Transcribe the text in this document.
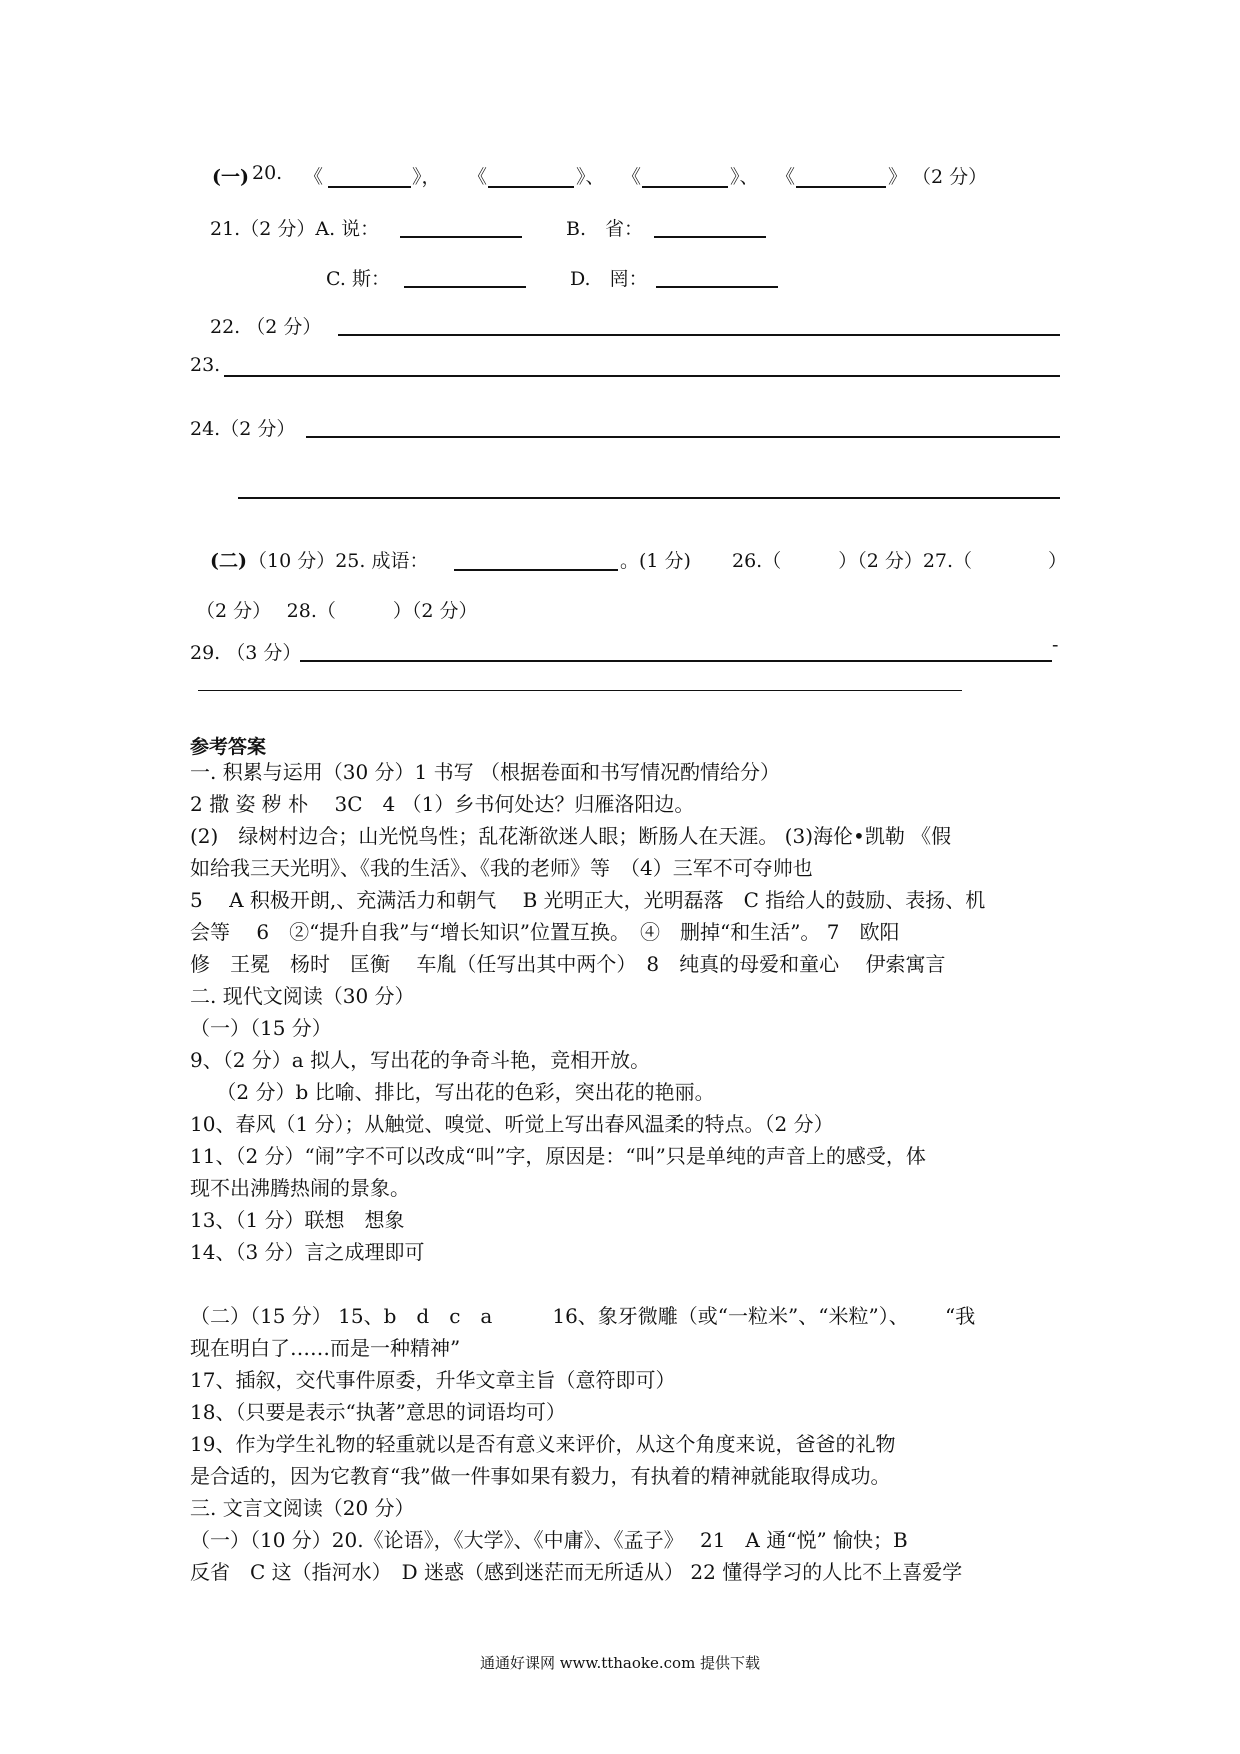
(一) 20. 《	》， 《	》、 《	》、 《	》 （2 分）
21.（2 分）A. 说：	B.　省：
C. 斯：	D.　罔：
22. （2 分）
23.
24.（2 分）
(二) （10 分）25. 成语：	。(1 分) 26.（　　　）（2 分）27.（　　　　）
（2 分）　 28.（　　　）（2 分）
29. （3 分）	-
参考答案
一. 积累与运用（30 分）1 书写 （根据卷面和书写情况酌情给分）
2 撒 姿 秽 朴　 3C　4 （1）乡书何处达？归雁洛阳边。
(2)　绿树村边合；山光悦鸟性；乱花渐欲迷人眼；断肠人在天涯。 (3)海伦•凯勒 《假
如给我三天光明》、《我的生活》、《我的老师》等　（4）三军不可夺帅也
5　 A 积极开朗,、充满活力和朝气　 B 光明正大，光明磊落　C 指给人的鼓励、表扬、机
会等　 6　②“提升自我”与“增长知识”位置互换。　④　删掉“和生活”。 7　欧阳
修　王冕　杨时　匡衡　 车胤（任写出其中两个）　8　纯真的母爱和童心　 伊索寓言
二. 现代文阅读（30 分）
（一）（15 分）
9、（2 分）a 拟人，写出花的争奇斗艳，竞相开放。
　 （2 分）b 比喻、排比，写出花的色彩，突出花的艳丽。
10、春风（1 分）；从触觉、嗅觉、听觉上写出春风温柔的特点。（2 分）
11、（2 分）“闹”字不可以改成“叫”字，原因是：“叫”只是单纯的声音上的感受，体
现不出沸腾热闹的景象。
13、（1 分）联想　想象
14、（3 分）言之成理即可
（二）（15 分） 15、b　d　c　a　　　16、象牙微雕（或“一粒米”、“米粒”）、　　 “我
现在明白了……而是一种精神”
17、插叙，交代事件原委，升华文章主旨（意符即可）
18、（只要是表示“执著”意思的词语均可）
19、作为学生礼物的轻重就以是否有意义来评价，从这个角度来说，爸爸的礼物
是合适的，因为它教育“我”做一件事如果有毅力，有执着的精神就能取得成功。
三. 文言文阅读（20 分）
（一）（10 分）20.《论语》，《大学》、《中庸》、《孟子》　 21　A 通“悦” 愉快；B
反省　C 这（指河水）　D 迷惑（感到迷茫而无所适从） 22 懂得学习的人比不上喜爱学
通通好课网 www.tthaoke.com 提供下载
